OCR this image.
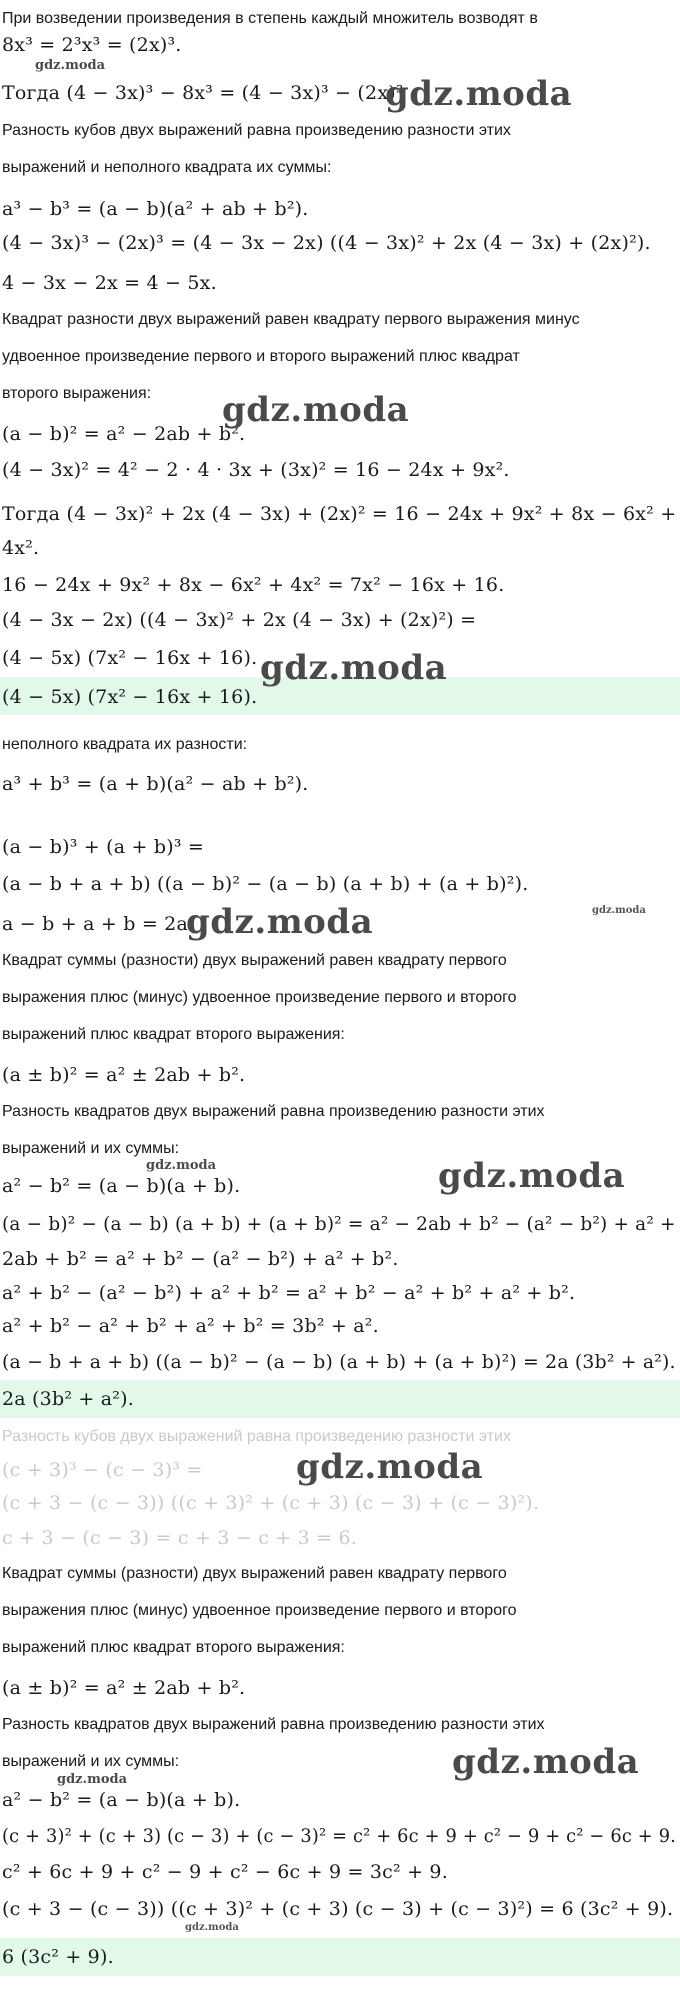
При возведении произведения в степень каждый множитель возводят в
8x³ = 2³x³ = (2x)³.
Тогда (4 − 3x)³ − 8x³ = (4 − 3x)³ − (2x)³
Разность кубов двух выражений равна произведению разности этих
выражений и неполного квадрата их суммы:
a³ − b³ = (a − b)(a² + ab + b²).
(4 − 3x)³ − (2x)³ = (4 − 3x − 2x) ((4 − 3x)² + 2x (4 − 3x) + (2x)²).
4 − 3x − 2x = 4 − 5x.
Квадрат разности двух выражений равен квадрату первого выражения минус
удвоенное произведение первого и второго выражений плюс квадрат
второго выражения:
(a − b)² = a² − 2ab + b².
(4 − 3x)² = 4² − 2 · 4 · 3x + (3x)² = 16 − 24x + 9x².
Тогда (4 − 3x)² + 2x (4 − 3x) + (2x)² = 16 − 24x + 9x² + 8x − 6x² +
4x².
16 − 24x + 9x² + 8x − 6x² + 4x² = 7x² − 16x + 16.
(4 − 3x − 2x) ((4 − 3x)² + 2x (4 − 3x) + (2x)²) =
(4 − 5x) (7x² − 16x + 16).
(4 − 5x) (7x² − 16x + 16).
неполного квадрата их разности:
a³ + b³ = (a + b)(a² − ab + b²).
(a − b)³ + (a + b)³ =
(a − b + a + b) ((a − b)² − (a − b) (a + b) + (a + b)²).
a − b + a + b = 2a.
Квадрат суммы (разности) двух выражений равен квадрату первого
выражения плюс (минус) удвоенное произведение первого и второго
выражений плюс квадрат второго выражения:
(a ± b)² = a² ± 2ab + b².
Разность квадратов двух выражений равна произведению разности этих
выражений и их суммы:
a² − b² = (a − b)(a + b).
(a − b)² − (a − b) (a + b) + (a + b)² = a² − 2ab + b² − (a² − b²) + a² +
2ab + b² = a² + b² − (a² − b²) + a² + b².
a² + b² − (a² − b²) + a² + b² = a² + b² − a² + b² + a² + b².
a² + b² − a² + b² + a² + b² = 3b² + a².
(a − b + a + b) ((a − b)² − (a − b) (a + b) + (a + b)²) = 2a (3b² + a²).
2a (3b² + a²).
Разность кубов двух выражений равна произведению разности этих
(c + 3)³ − (c − 3)³ =
(c + 3 − (c − 3)) ((c + 3)² + (c + 3) (c − 3) + (c − 3)²).
c + 3 − (c − 3) = c + 3 − c + 3 = 6.
Квадрат суммы (разности) двух выражений равен квадрату первого
выражения плюс (минус) удвоенное произведение первого и второго
выражений плюс квадрат второго выражения:
(a ± b)² = a² ± 2ab + b².
Разность квадратов двух выражений равна произведению разности этих
выражений и их суммы:
a² − b² = (a − b)(a + b).
(c + 3)² + (c + 3) (c − 3) + (c − 3)² = c² + 6c + 9 + c² − 9 + c² − 6c + 9.
c² + 6c + 9 + c² − 9 + c² − 6c + 9 = 3c² + 9.
(c + 3 − (c − 3)) ((c + 3)² + (c + 3) (c − 3) + (c − 3)²) = 6 (3c² + 9).
6 (3c² + 9).
gdz.moda
gdz.moda
gdz.moda
gdz.moda
gdz.moda	gdz.moda
gdz.moda	gdz.moda
gdz.moda
gdz.moda
gdz.moda
gdz.moda
